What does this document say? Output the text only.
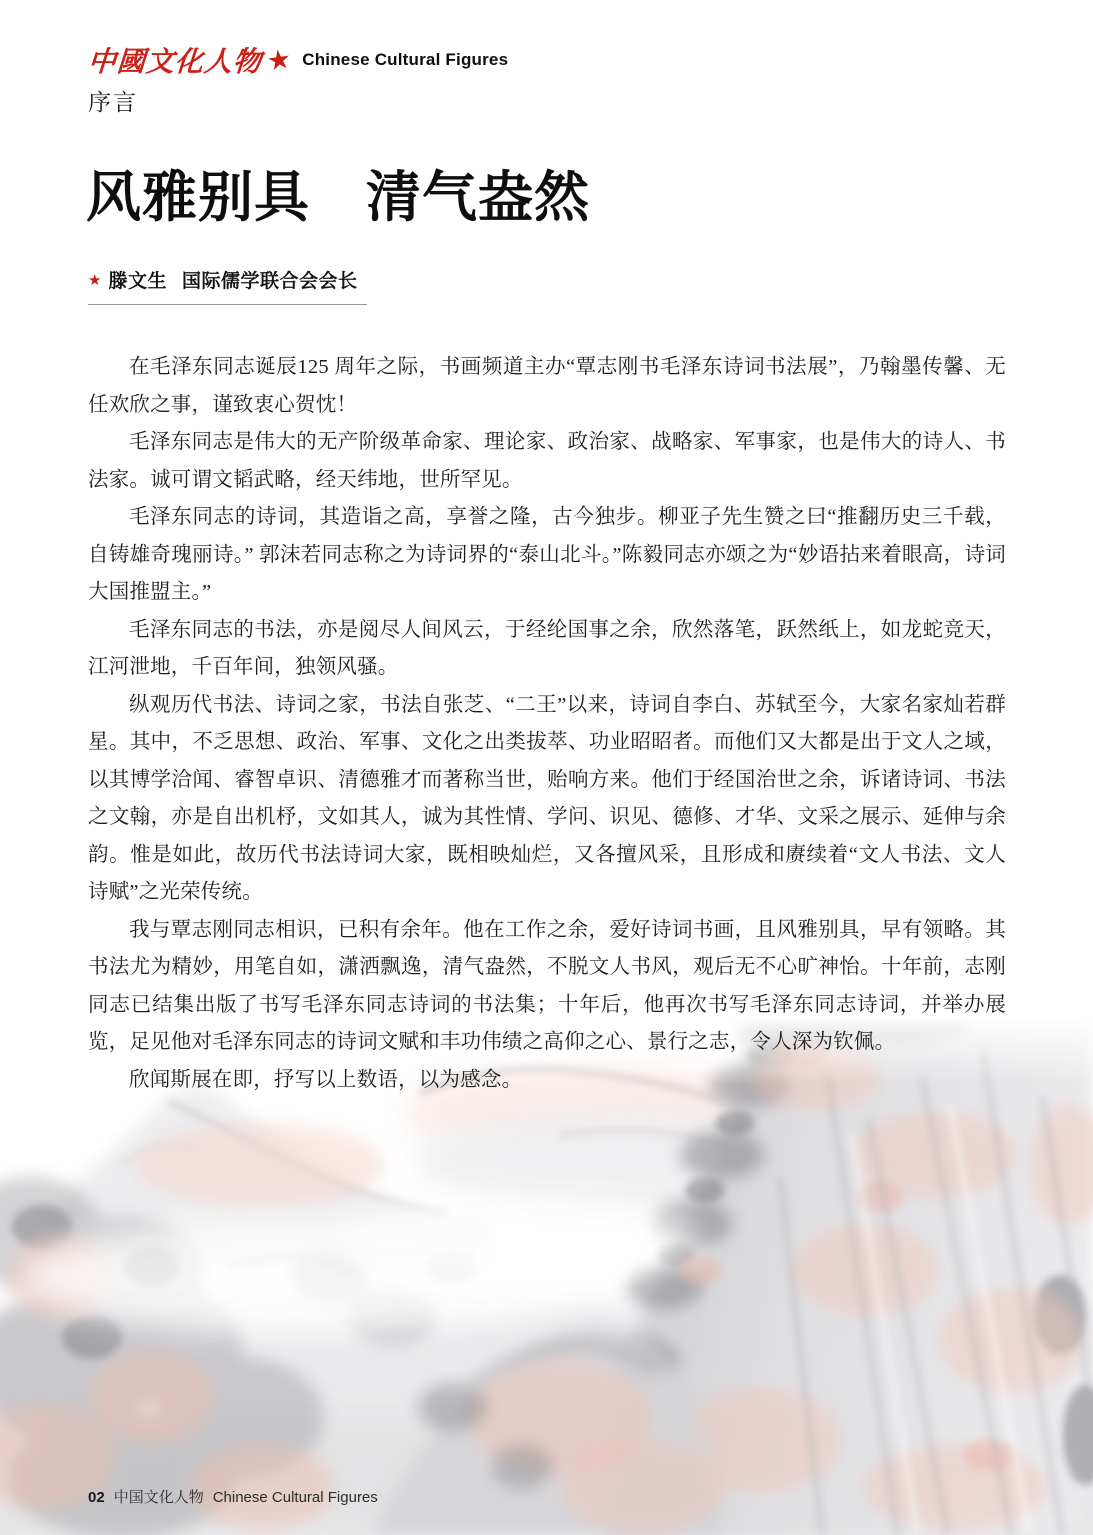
中國文化人物 ★ Chinese Cultural Figures
序言
风雅别具　清气盎然
★ 滕文生 国际儒学联合会会长

在毛泽东同志诞辰125 周年之际，书画频道主办“覃志刚书毛泽东诗词书法展”，乃翰墨传馨、无任欢欣之事，谨致衷心贺忱！

毛泽东同志是伟大的无产阶级革命家、理论家、政治家、战略家、军事家，也是伟大的诗人、书法家。诚可谓文韬武略，经天纬地，世所罕见。

毛泽东同志的诗词，其造诣之高，享誉之隆，古今独步。柳亚子先生赞之曰“推翻历史三千载，自铸雄奇瑰丽诗。” 郭沫若同志称之为诗词界的“泰山北斗。”陈毅同志亦颂之为“妙语拈来着眼高，诗词大国推盟主。”

毛泽东同志的书法，亦是阅尽人间风云，于经纶国事之余，欣然落笔，跃然纸上，如龙蛇竞天，江河泄地，千百年间，独领风骚。

纵观历代书法、诗词之家，书法自张芝、“二王”以来，诗词自李白、苏轼至今，大家名家灿若群星。其中，不乏思想、政治、军事、文化之出类拔萃、功业昭昭者。而他们又大都是出于文人之域，以其博学洽闻、睿智卓识、清德雅才而著称当世，贻响方来。他们于经国治世之余，诉诸诗词、书法之文翰，亦是自出机杼，文如其人，诚为其性情、学问、识见、德修、才华、文采之展示、延伸与余韵。惟是如此，故历代书法诗词大家，既相映灿烂，又各擅风采，且形成和赓续着“文人书法、文人诗赋”之光荣传统。

我与覃志刚同志相识，已积有余年。他在工作之余，爱好诗词书画，且风雅别具，早有领略。其书法尤为精妙，用笔自如，潇洒飘逸，清气盎然，不脱文人书风，观后无不心旷神怡。十年前，志刚同志已结集出版了书写毛泽东同志诗词的书法集；十年后，他再次书写毛泽东同志诗词，并举办展览，足见他对毛泽东同志的诗词文赋和丰功伟绩之高仰之心、景行之志，令人深为钦佩。

欣闻斯展在即，抒写以上数语，以为感念。

02 中国文化人物 Chinese Cultural Figures
